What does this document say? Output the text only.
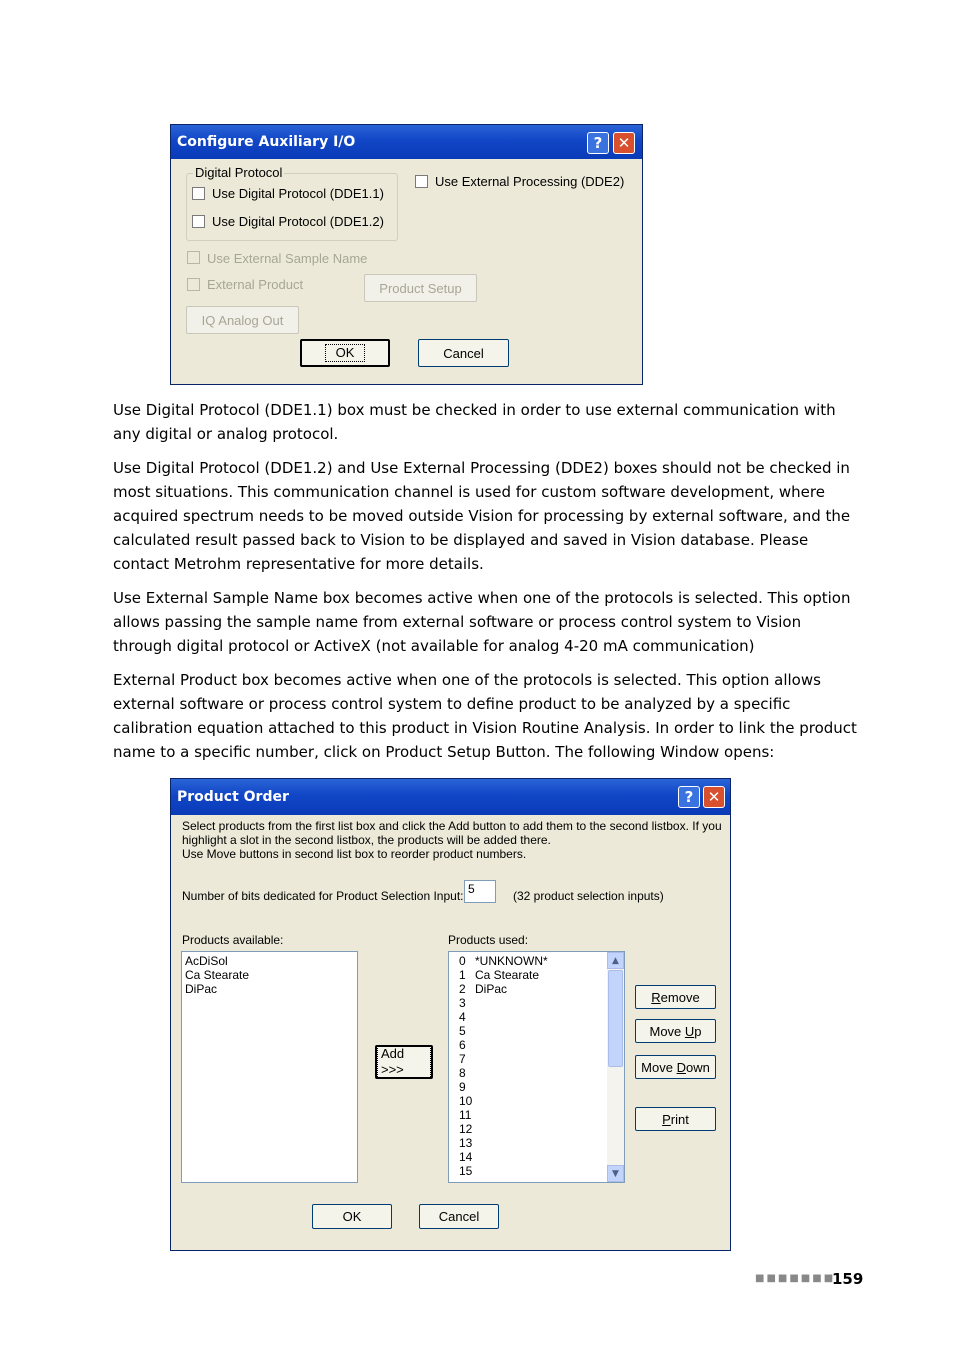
Configure Auxiliary I/O	?	✕
Digital Protocol
Use Digital Protocol (DDE1.1)
Use Digital Protocol (DDE1.2)
Use External Processing (DDE2)
Use External Sample Name
External Product	Product Setup
IQ Analog Out
OK	Cancel

Use Digital Protocol (DDE1.1) box must be checked in order to use external communication with any digital or analog protocol.

Use Digital Protocol (DDE1.2) and Use External Processing (DDE2) boxes should not be checked in most situations. This communication channel is used for custom software development, where acquired spectrum needs to be moved outside Vision for processing by external software, and the calculated result passed back to Vision to be displayed and saved in Vision database. Please contact Metrohm representative for more details.

Use External Sample Name box becomes active when one of the protocols is selected. This option allows passing the sample name from external software or process control system to Vision through digital protocol or ActiveX (not available for analog 4-20 mA communication)

External Product box becomes active when one of the protocols is selected. This option allows external software or process control system to define product to be analyzed by a specific calibration equation attached to this product in Vision Routine Analysis. In order to link the product name to a specific number, click on Product Setup Button. The following Window opens:

Product Order	? ✕
Select products from the first list box and click the Add button to add them to the second listbox. If you
highlight a slot in the second listbox, the products will be added there.
Use Move buttons in second list box to reorder product numbers.
Number of bits dedicated for Product Selection Input: 5	(32 product selection inputs)
Products available:
AcDiSol
Ca Stearate
DiPac
Add >>>
Products used:
0 *UNKNOWN*
1 Ca Stearate
2 DiPac
3
4
5
6
7
8
9
10
11
12
13
14
15
▲
▼
R emove
Move U p
Move D own
P rint
OK	Cancel
■■■■■■■
159
